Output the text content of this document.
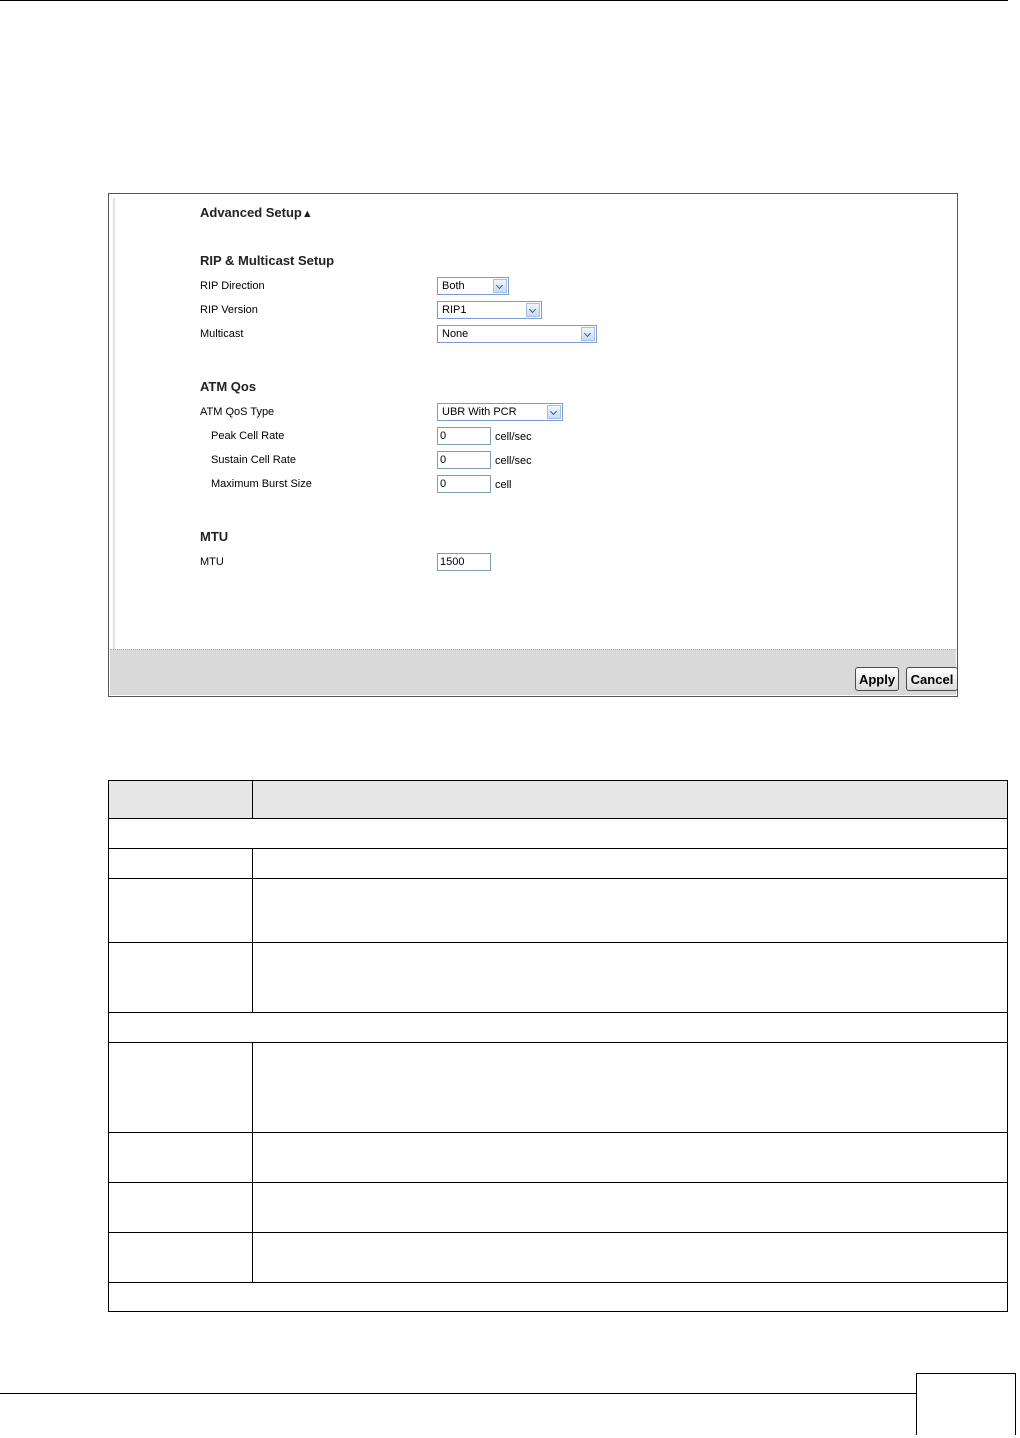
Advanced Setup▲
RIP & Multicast Setup
RIP Direction	Both
RIP Version	RIP1
Multicast	None
ATM Qos
ATM QoS Type	UBR With PCR
Peak Cell Rate	0	cell/sec
Sustain Cell Rate	0	cell/sec
Maximum Burst Size	0	cell
MTU
MTU	1500
Apply	Cancel
